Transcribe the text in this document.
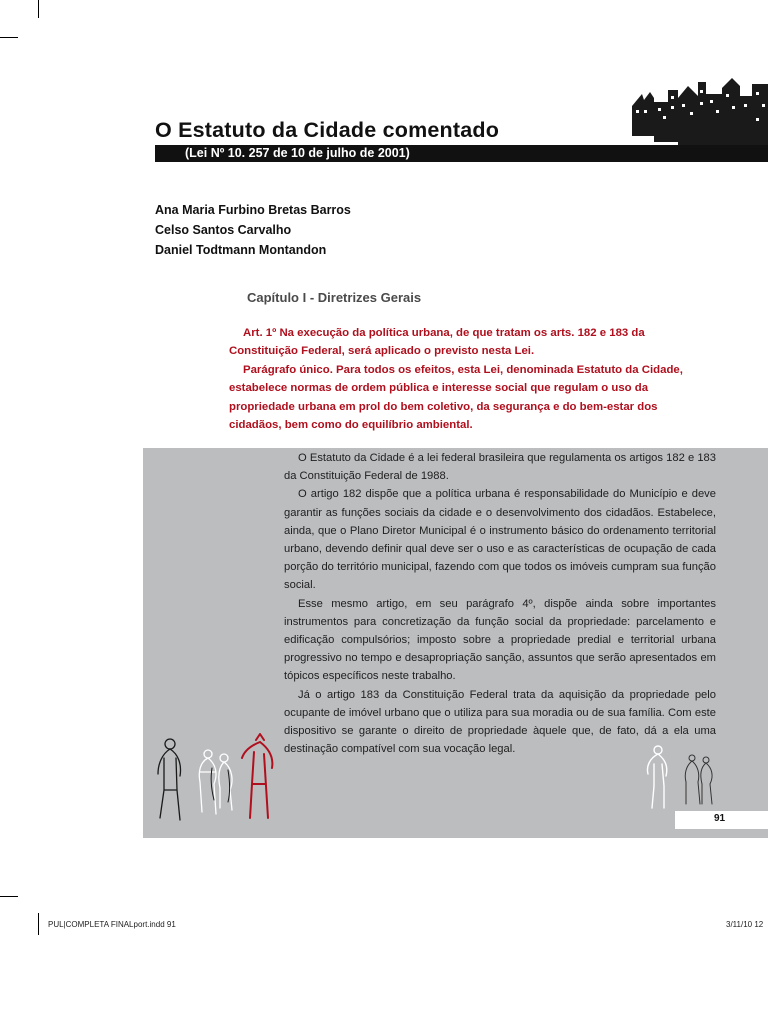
O Estatuto da Cidade comentado
(Lei Nº 10. 257 de 10 de julho de 2001)
Ana Maria Furbino Bretas Barros
Celso Santos Carvalho
Daniel Todtmann Montandon
Capítulo I - Diretrizes Gerais

Art. 1º Na execução da política urbana, de que tratam os arts. 182 e 183 da Constituição Federal, será aplicado o previsto nesta Lei.

Parágrafo único. Para todos os efeitos, esta Lei, denominada Estatuto da Cidade, estabelece normas de ordem pública e interesse social que regulam o uso da propriedade urbana em prol do bem coletivo, da segurança e do bem-estar dos cidadãos, bem como do equilíbrio ambiental.

O Estatuto da Cidade é a lei federal brasileira que regulamenta os artigos 182 e 183 da Constituição Federal de 1988.

O artigo 182 dispõe que a política urbana é responsabilidade do Município e deve garantir as funções sociais da cidade e o desenvolvimento dos cidadãos. Estabelece, ainda, que o Plano Diretor Municipal é o instrumento básico do ordenamento territorial urbano, devendo definir qual deve ser o uso e as características de ocupação de cada porção do território municipal, fazendo com que todos os imóveis cumpram sua função social.

Esse mesmo artigo, em seu parágrafo 4º, dispõe ainda sobre importantes instrumentos para concretização da função social da propriedade: parcelamento e edificação compulsórios; imposto sobre a propriedade predial e territorial urbana progressivo no tempo e desapropriação sanção, assuntos que serão apresentados em tópicos específicos neste trabalho.

Já o artigo 183 da Constituição Federal trata da aquisição da propriedade pelo ocupante de imóvel urbano que o utiliza para sua moradia ou de sua família. Com este dispositivo se garante o direito de propriedade àquele que, de fato, dá a ela uma destinação compatível com sua vocação legal.

91
PUL|COMPLETA FINALport.indd 91	3/11/10 12
